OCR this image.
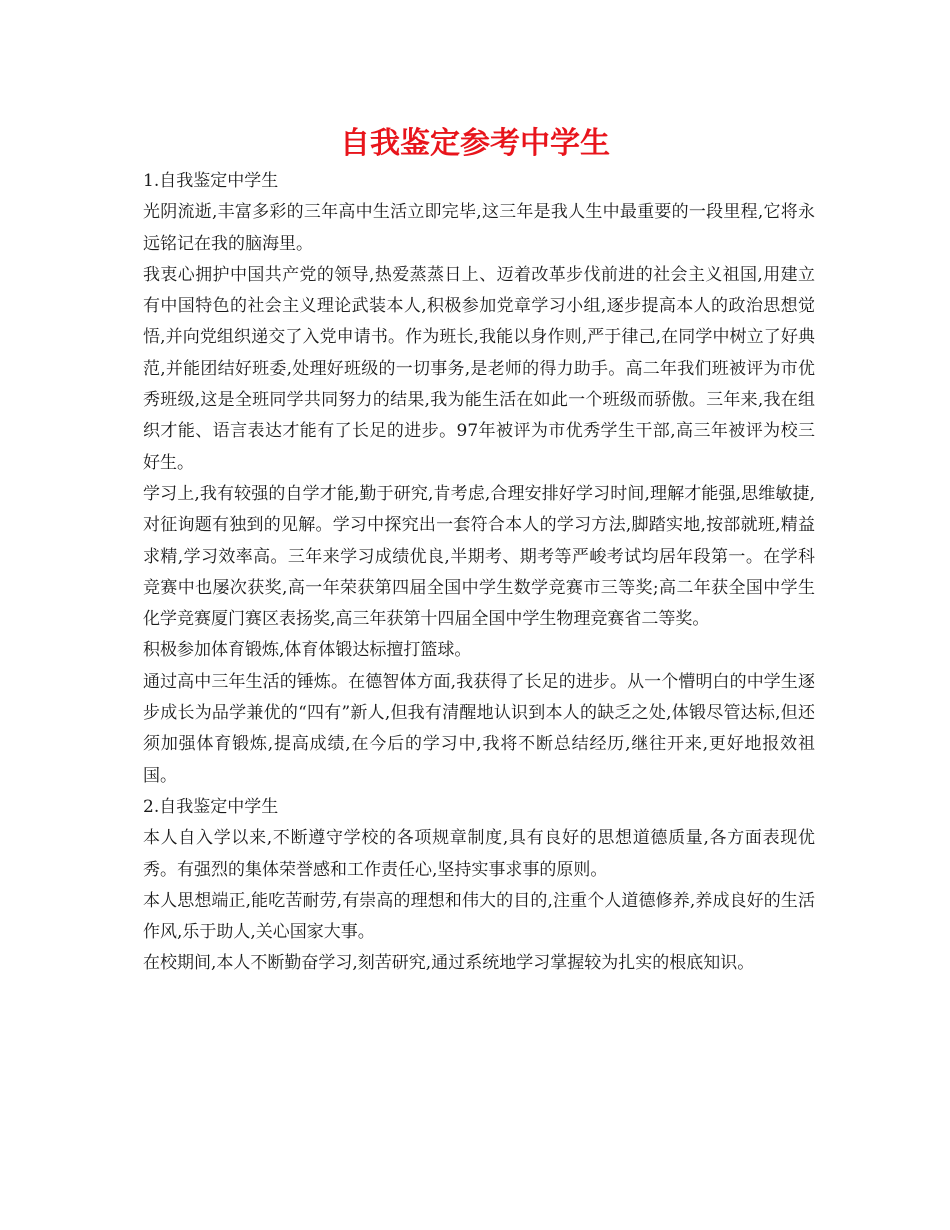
自我鉴定参考中学生

1.自我鉴定中学生

光阴流逝,丰富多彩的三年高中生活立即完毕,这三年是我人生中最重要的一段里程,它将永远铭记在我的脑海里。

我衷心拥护中国共产党的领导,热爱蒸蒸日上、迈着改革步伐前进的社会主义祖国,用建立有中国特色的社会主义理论武装本人,积极参加党章学习小组,逐步提高本人的政治思想觉悟,并向党组织递交了入党申请书。作为班长,我能以身作则,严于律己,在同学中树立了好典范,并能团结好班委,处理好班级的一切事务,是老师的得力助手。高二年我们班被评为市优秀班级,这是全班同学共同努力的结果,我为能生活在如此一个班级而骄傲。三年来,我在组织才能、语言表达才能有了长足的进步。97年被评为市优秀学生干部,高三年被评为校三好生。

学习上,我有较强的自学才能,勤于研究,肯考虑,合理安排好学习时间,理解才能强,思维敏捷,对征询题有独到的见解。学习中探究出一套符合本人的学习方法,脚踏实地,按部就班,精益求精,学习效率高。三年来学习成绩优良,半期考、期考等严峻考试均居年段第一。在学科竞赛中也屡次获奖,高一年荣获第四届全国中学生数学竞赛市三等奖;高二年获全国中学生化学竞赛厦门赛区表扬奖,高三年获第十四届全国中学生物理竞赛省二等奖。

积极参加体育锻炼,体育体锻达标擅打篮球。

通过高中三年生活的锤炼。在德智体方面,我获得了长足的进步。从一个懵明白的中学生逐步成长为品学兼优的“四有”新人,但我有清醒地认识到本人的缺乏之处,体锻尽管达标,但还须加强体育锻炼,提高成绩,在今后的学习中,我将不断总结经历,继往开来,更好地报效祖国。

2.自我鉴定中学生

本人自入学以来,不断遵守学校的各项规章制度,具有良好的思想道德质量,各方面表现优秀。有强烈的集体荣誉感和工作责任心,坚持实事求事的原则。

本人思想端正,能吃苦耐劳,有崇高的理想和伟大的目的,注重个人道德修养,养成良好的生活作风,乐于助人,关心国家大事。

在校期间,本人不断勤奋学习,刻苦研究,通过系统地学习掌握较为扎实的根底知识。
